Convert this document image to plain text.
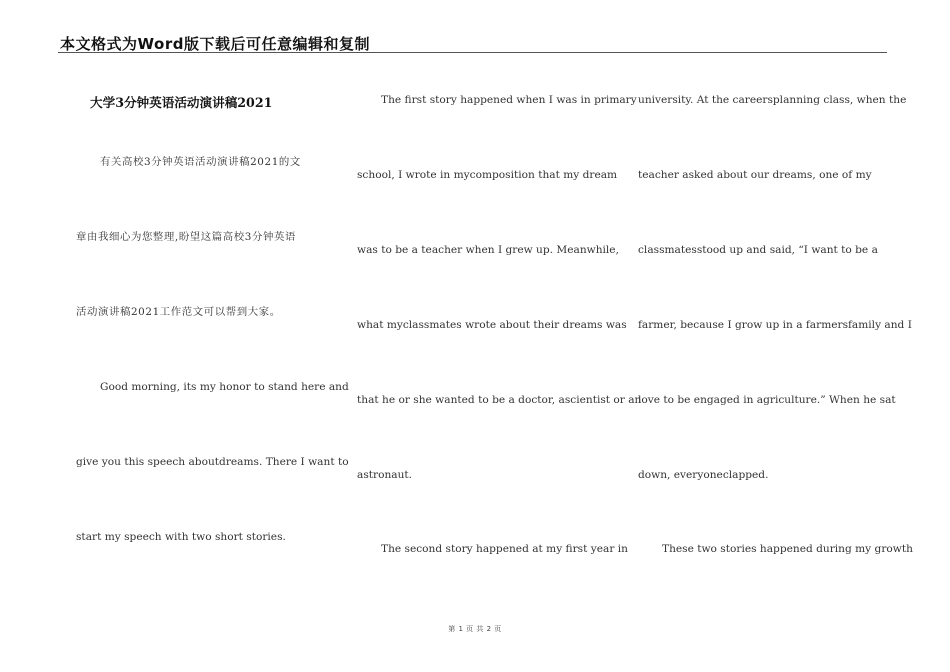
本文格式为Word版下载后可任意编辑和复制
大学3分钟英语活动演讲稿2021
有关高校3分钟英语活动演讲稿2021的文
章由我细心为您整理,盼望这篇高校3分钟英语
活动演讲稿2021工作范文可以帮到大家。
Good morning, its my honor to stand here and
give you this speech aboutdreams. There I want to
start my speech with two short stories.
The first story happened when I was in primary
school, I wrote in mycomposition that my dream
was to be a teacher when I grew up. Meanwhile,
what myclassmates wrote about their dreams was
that he or she wanted to be a doctor, ascientist or an
astronaut.
The second story happened at my first year in
university. At the careersplanning class, when the
teacher asked about our dreams, one of my
classmatesstood up and said, “I want to be a
farmer, because I grow up in a farmersfamily and I
love to be engaged in agriculture.” When he sat
down, everyoneclapped.
These two stories happened during my growth
第 1 页 共 2 页
